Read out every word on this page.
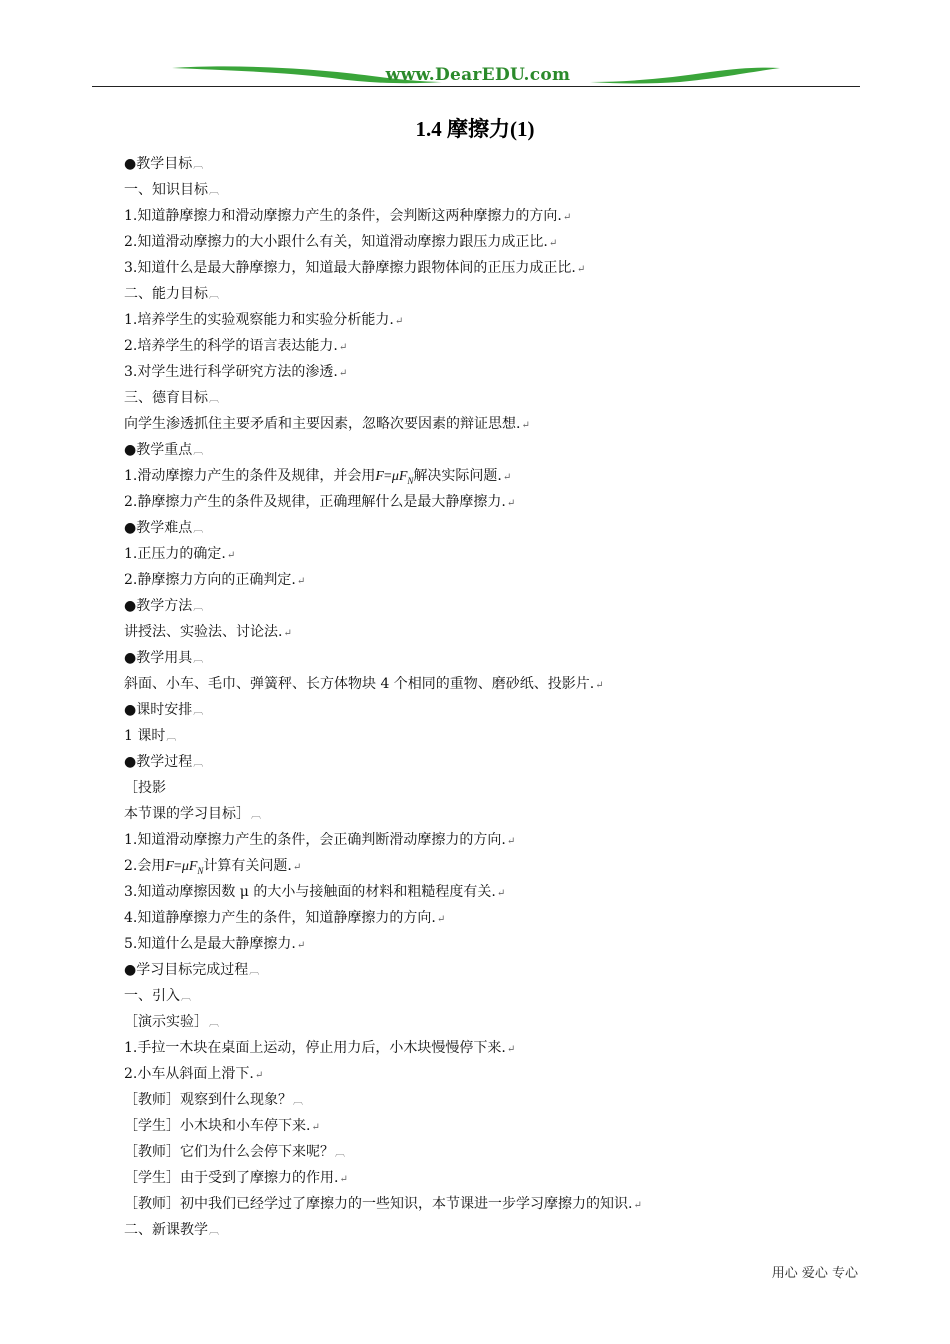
www.DearEDU.com
1.4 摩擦力(1)
●教学目标︹
一、知识目标︹
1.知道静摩擦力和滑动摩擦力产生的条件，会判断这两种摩擦力的方向.↵
2.知道滑动摩擦力的大小跟什么有关，知道滑动摩擦力跟压力成正比.↵
3.知道什么是最大静摩擦力，知道最大静摩擦力跟物体间的正压力成正比.↵
二、能力目标︹
1.培养学生的实验观察能力和实验分析能力.↵
2.培养学生的科学的语言表达能力.↵
3.对学生进行科学研究方法的渗透.↵
三、德育目标︹
向学生渗透抓住主要矛盾和主要因素，忽略次要因素的辩证思想.↵
●教学重点︹
1.滑动摩擦力产生的条件及规律，并会用$F=\mu F_N$解决实际问题.↵
2.静摩擦力产生的条件及规律，正确理解什么是最大静摩擦力.↵
●教学难点︹
1.正压力的确定.↵
2.静摩擦力方向的正确判定.↵
●教学方法︹
讲授法、实验法、讨论法.↵
●教学用具︹
斜面、小车、毛巾、弹簧秤、长方体物块 4 个相同的重物、磨砂纸、投影片.↵
●课时安排︹
1 课时︹
●教学过程︹
［投影
本节课的学习目标］︹
1.知道滑动摩擦力产生的条件，会正确判断滑动摩擦力的方向.↵
2.会用$F=\mu F_N$计算有关问题.↵
3.知道动摩擦因数 μ 的大小与接触面的材料和粗糙程度有关.↵
4.知道静摩擦力产生的条件，知道静摩擦力的方向.↵
5.知道什么是最大静摩擦力.↵
●学习目标完成过程︹
一、引入︹
［演示实验］︹
1.手拉一木块在桌面上运动，停止用力后，小木块慢慢停下来.↵
2.小车从斜面上滑下.↵
［教师］观察到什么现象？︹
［学生］小木块和小车停下来.↵
［教师］它们为什么会停下来呢？︹
［学生］由于受到了摩擦力的作用.↵
［教师］初中我们已经学过了摩擦力的一些知识，本节课进一步学习摩擦力的知识.↵
二、新课教学︹
用心 爱心 专心
